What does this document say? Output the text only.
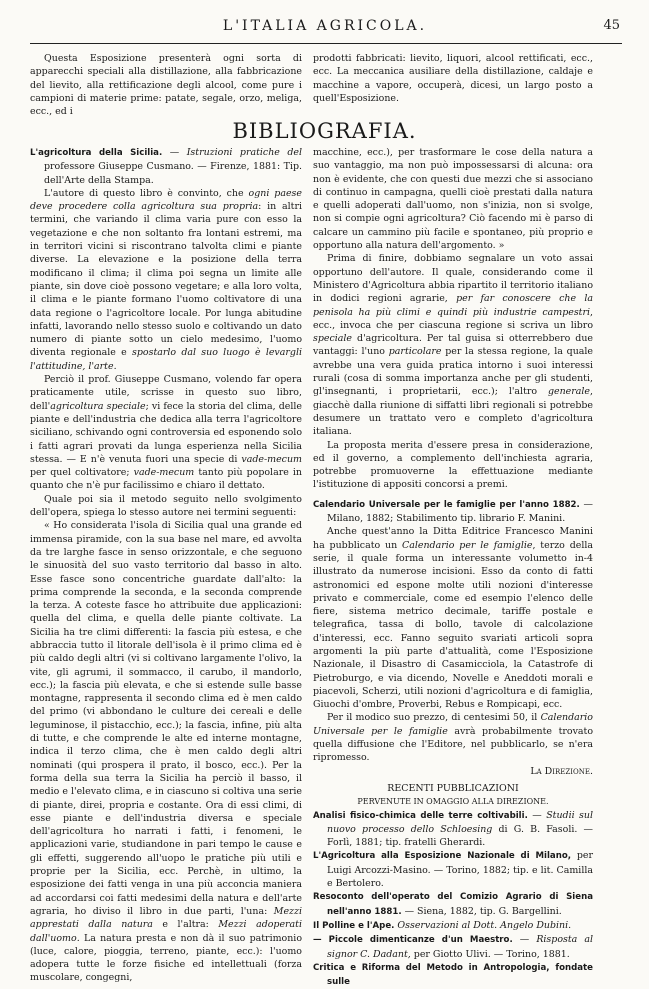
L'ITALIA AGRICOLA.	45

Questa Esposizione presenterà ogni sorta di apparecchi speciali alla distillazione, alla fabbricazione del lievito, alla rettificazione degli alcool, come pure i campioni di materie prime: patate, segale, orzo, meliga, ecc., ed i

prodotti fabbricati: lievito, liquori, alcool rettificati, ecc., ecc. La meccanica ausiliare della distillazione, caldaje e macchine a vapore, occuperà, dicesi, un largo posto a quell'Esposizione.

BIBLIOGRAFIA.

L'agricoltura della Sicilia. — Istruzioni pratiche del professore Giuseppe Cusmano. — Firenze, 1881: Tip. dell'Arte della Stampa.

L'autore di questo libro è convinto, che ogni paese deve procedere colla agricoltura sua propria: in altri termini, che variando il clima varia pure con esso la vegetazione e che non soltanto fra lontani estremi, ma in territori vicini si riscontrano talvolta climi e piante diverse. La elevazione e la posizione della terra modificano il clima; il clima poi segna un limite alle piante, sin dove cioè possono vegetare; e alla loro volta, il clima e le piante formano l'uomo coltivatore di una data regione o l'agricoltore locale. Por lunga abitudine infatti, lavorando nello stesso suolo e coltivando un dato numero di piante sotto un cielo medesimo, l'uomo diventa regionale e spostarlo dal suo luogo è levargli l'attitudine, l'arte.

Perciò il prof. Giuseppe Cusmano, volendo far opera praticamente utile, scrisse in questo suo libro, dell'agricoltura speciale; vi fece la storia del clima, delle piante e dell'industria che dedica alla terra l'agricoltore siciliano, schivando ogni controversia ed esponendo solo i fatti agrari provati da lunga esperienza nella Sicilia stessa. — E n'è venuta fuori una specie di vade-mecum per quel coltivatore; vade-mecum tanto più popolare in quanto che n'è pur facilissimo e chiaro il dettato.

Quale poi sia il metodo seguito nello svolgimento dell'opera, spiega lo stesso autore nei termini seguenti:

« Ho considerata l'isola di Sicilia qual una grande ed immensa piramide, con la sua base nel mare, ed avvolta da tre larghe fasce in senso orizzontale, e che seguono le sinuosità del suo vasto territorio dal basso in alto. Esse fasce sono concentriche guardate dall'alto: la prima comprende la seconda, e la seconda comprende la terza. A coteste fasce ho attribuite due applicazioni: quella del clima, e quella delle piante coltivate. La Sicilia ha tre climi differenti: la fascia più estesa, e che abbraccia tutto il litorale dell'isola è il primo clima ed è più caldo degli altri (vi si coltivano largamente l'olivo, la vite, gli agrumi, il sommacco, il carubo, il mandorlo, ecc.); la fascia più elevata, e che si estende sulle basse montagne, rappresenta il secondo clima ed è men caldo del primo (vi abbondano le culture dei cereali e delle leguminose, il pistacchio, ecc.); la fascia, infine, più alta di tutte, e che comprende le alte ed interne montagne, indica il terzo clima, che è men caldo degli altri nominati (qui prospera il prato, il bosco, ecc.). Per la forma della sua terra la Sicilia ha perciò il basso, il medio e l'elevato clima, e in ciascuno si coltiva una serie di piante, direi, propria e costante. Ora di essi climi, di esse piante e dell'industria diversa e speciale dell'agricoltura ho narrati i fatti, i fenomeni, le applicazioni varie, studiandone in pari tempo le cause e gli effetti, suggerendo all'uopo le pratiche più utili e proprie per la Sicilia, ecc. Perchè, in ultimo, la esposizione dei fatti venga in una più acconcia maniera ad accordarsi coi fatti medesimi della natura e dell'arte agraria, ho diviso il libro in due parti, l'una: Mezzi apprestati dalla natura e l'altra: Mezzi adoperati dall'uomo. La natura presta e non dà il suo patrimonio (luce, calore, pioggia, terreno, piante, ecc.): l'uomo adopera tutte le forze fisiche ed intellettuali (forza muscolare, congegni,

macchine, ecc.), per trasformare le cose della natura a suo vantaggio, ma non può impossessarsi di alcuna: ora non è evidente, che con questi due mezzi che si associano di continuo in campagna, quelli cioè prestati dalla natura e quelli adoperati dall'uomo, non s'inizia, non si svolge, non si compie ogni agricoltura? Ciò facendo mi è parso di calcare un cammino più facile e spontaneo, più proprio e opportuno alla natura dell'argomento. »

Prima di finire, dobbiamo segnalare un voto assai opportuno dell'autore. Il quale, considerando come il Ministero d'Agricoltura abbia ripartito il territorio italiano in dodici regioni agrarie, per far conoscere che la penisola ha più climi e quindi più industrie campestri, ecc., invoca che per ciascuna regione si scriva un libro speciale d'agricoltura. Per tal guisa si otterrebbero due vantaggi: l'uno particolare per la stessa regione, la quale avrebbe una vera guida pratica intorno i suoi interessi rurali (cosa di somma importanza anche per gli studenti, gl'insegnanti, i proprietarii, ecc.); l'altro generale, giacchè dalla riunione di siffatti libri regionali si potrebbe desumere un trattato vero e completo d'agricoltura italiana.

La proposta merita d'essere presa in considerazione, ed il governo, a complemento dell'inchiesta agraria, potrebbe promuoverne la effettuazione mediante l'istituzione di appositi concorsi a premi.

Calendario Universale per le famiglie per l'anno 1882. — Milano, 1882; Stabilimento tip. librario F. Manini.

Anche quest'anno la Ditta Editrice Francesco Manini ha pubblicato un Calendario per le famiglie, terzo della serie, il quale forma un interessante volumetto in-4 illustrato da numerose incisioni. Esso da conto di fatti astronomici ed espone molte utili nozioni d'interesse privato e commerciale, come ed esempio l'elenco delle fiere, sistema metrico decimale, tariffe postale e telegrafica, tassa di bollo, tavole di calcolazione d'interessi, ecc. Fanno seguito svariati articoli sopra argomenti la più parte d'attualità, come l'Esposizione Nazionale, il Disastro di Casamicciola, la Catastrofe di Pietroburgo, e via dicendo, Novelle e Aneddoti morali e piacevoli, Scherzi, utili nozioni d'agricoltura e di famiglia, Giuochi d'ombre, Proverbi, Rebus e Rompicapi, ecc.

Per il modico suo prezzo, di centesimi 50, il Calendario Universale per le famiglie avrà probabilmente trovato quella diffusione che l'Editore, nel pubblicarlo, se n'era ripromesso.

La Direzione.

RECENTI PUBBLICAZIONI

PERVENUTE IN OMAGGIO ALLA DIREZIONE.

Analisi fisico-chimica delle terre coltivabili. — Studii sul nuovo processo dello Schloesing di G. B. Fasoli. — Forlì, 1881; tip. fratelli Gherardi.

L'Agricoltura alla Esposizione Nazionale di Milano, per Luigi Arcozzi-Masino. — Torino, 1882; tip. e lit. Camilla e Bertolero.

Resoconto dell'operato del Comizio Agrario di Siena nell'anno 1881. — Siena, 1882, tip. G. Bargellini.

Il Polline e l'Ape. Osservazioni al Dott. Angelo Dubini.

— Piccole dimenticanze d'un Maestro. — Risposta al signor C. Dadant, per Giotto Ulivi. — Torino, 1881.

Critica e Riforma del Metodo in Antropologia, fondate sulle
